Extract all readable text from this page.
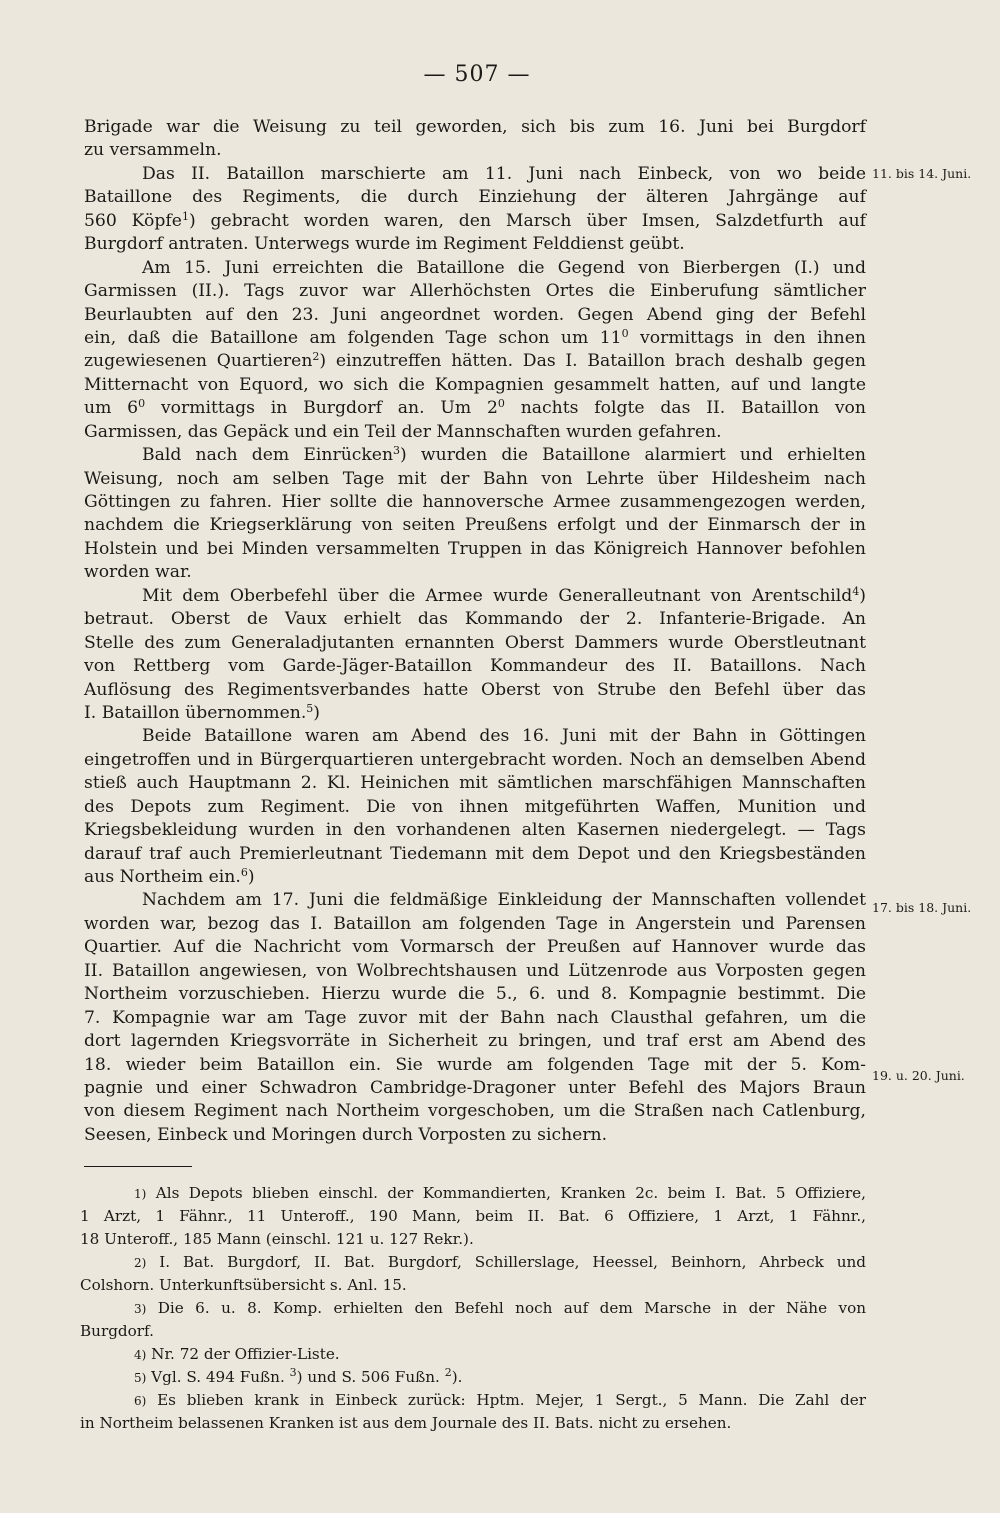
— 507 —
Brigade war die Weisung zu teil geworden, sich bis zum 16. Juni bei Burgdorf
zu versammeln.
Das II. Bataillon marschierte am 11. Juni nach Einbeck, von wo beide
Bataillone des Regiments, die durch Einziehung der älteren Jahrgänge auf
560 Köpfe$^1$) gebracht worden waren, den Marsch über Imsen, Salzdetfurth auf
Burgdorf antraten. Unterwegs wurde im Regiment Felddienst geübt.
Am 15. Juni erreichten die Bataillone die Gegend von Bierbergen (I.) und
Garmissen (II.). Tags zuvor war Allerhöchsten Ortes die Einberufung sämtlicher
Beurlaubten auf den 23. Juni angeordnet worden. Gegen Abend ging der Befehl
ein, daß die Bataillone am folgenden Tage schon um $11^0$ vormittags in den ihnen
zugewiesenen Quartieren$^2$) einzutreffen hätten. Das I. Bataillon brach deshalb gegen
Mitternacht von Equord, wo sich die Kompagnien gesammelt hatten, auf und langte
um $6^0$ vormittags in Burgdorf an. Um $2^0$ nachts folgte das II. Bataillon von
Garmissen, das Gepäck und ein Teil der Mannschaften wurden gefahren.
Bald nach dem Einrücken$^3$) wurden die Bataillone alarmiert und erhielten
Weisung, noch am selben Tage mit der Bahn von Lehrte über Hildesheim nach
Göttingen zu fahren. Hier sollte die hannoversche Armee zusammengezogen werden,
nachdem die Kriegserklärung von seiten Preußens erfolgt und der Einmarsch der in
Holstein und bei Minden versammelten Truppen in das Königreich Hannover befohlen
worden war.
Mit dem Oberbefehl über die Armee wurde Generalleutnant von Arentschild$^4$)
betraut. Oberst de Vaux erhielt das Kommando der 2. Infanterie-Brigade. An
Stelle des zum Generaladjutanten ernannten Oberst Dammers wurde Oberstleutnant
von Rettberg vom Garde-Jäger-Bataillon Kommandeur des II. Bataillons. Nach
Auflösung des Regimentsverbandes hatte Oberst von Strube den Befehl über das
I. Bataillon übernommen.$^5$)
Beide Bataillone waren am Abend des 16. Juni mit der Bahn in Göttingen
eingetroffen und in Bürgerquartieren untergebracht worden. Noch an demselben Abend
stieß auch Hauptmann 2. Kl. Heinichen mit sämtlichen marschfähigen Mannschaften
des Depots zum Regiment. Die von ihnen mitgeführten Waffen, Munition und
Kriegsbekleidung wurden in den vorhandenen alten Kasernen niedergelegt. — Tags
darauf traf auch Premierleutnant Tiedemann mit dem Depot und den Kriegsbeständen
aus Northeim ein.$^6$)
Nachdem am 17. Juni die feldmäßige Einkleidung der Mannschaften vollendet
worden war, bezog das I. Bataillon am folgenden Tage in Angerstein und Parensen
Quartier. Auf die Nachricht vom Vormarsch der Preußen auf Hannover wurde das
II. Bataillon angewiesen, von Wolbrechtshausen und Lützenrode aus Vorposten gegen
Northeim vorzuschieben. Hierzu wurde die 5., 6. und 8. Kompagnie bestimmt. Die
7. Kompagnie war am Tage zuvor mit der Bahn nach Clausthal gefahren, um die
dort lagernden Kriegsvorräte in Sicherheit zu bringen, und traf erst am Abend des
18. wieder beim Bataillon ein. Sie wurde am folgenden Tage mit der 5. Kom-
pagnie und einer Schwadron Cambridge-Dragoner unter Befehl des Majors Braun
von diesem Regiment nach Northeim vorgeschoben, um die Straßen nach Catlenburg,
Seesen, Einbeck und Moringen durch Vorposten zu sichern.
11. bis 14. Juni.
17. bis 18. Juni.
19. u. 20. Juni.
1) Als Depots blieben einschl. der Kommandierten, Kranken 2c. beim I. Bat. 5 Offiziere,
1 Arzt, 1 Fähnr., 11 Unteroff., 190 Mann, beim II. Bat. 6 Offiziere, 1 Arzt, 1 Fähnr.,
18 Unteroff., 185 Mann (einschl. 121 u. 127 Rekr.).
2) I. Bat. Burgdorf, II. Bat. Burgdorf, Schillerslage, Heessel, Beinhorn, Ahrbeck und
Colshorn. Unterkunftsübersicht s. Anl. 15.
3) Die 6. u. 8. Komp. erhielten den Befehl noch auf dem Marsche in der Nähe von
Burgdorf.
4) Nr. 72 der Offizier-Liste.
5) Vgl. S. 494 Fußn. $^3$) und S. 506 Fußn. $^2$).
6) Es blieben krank in Einbeck zurück: Hptm. Mejer, 1 Sergt., 5 Mann. Die Zahl der
in Northeim belassenen Kranken ist aus dem Journale des II. Bats. nicht zu ersehen.
